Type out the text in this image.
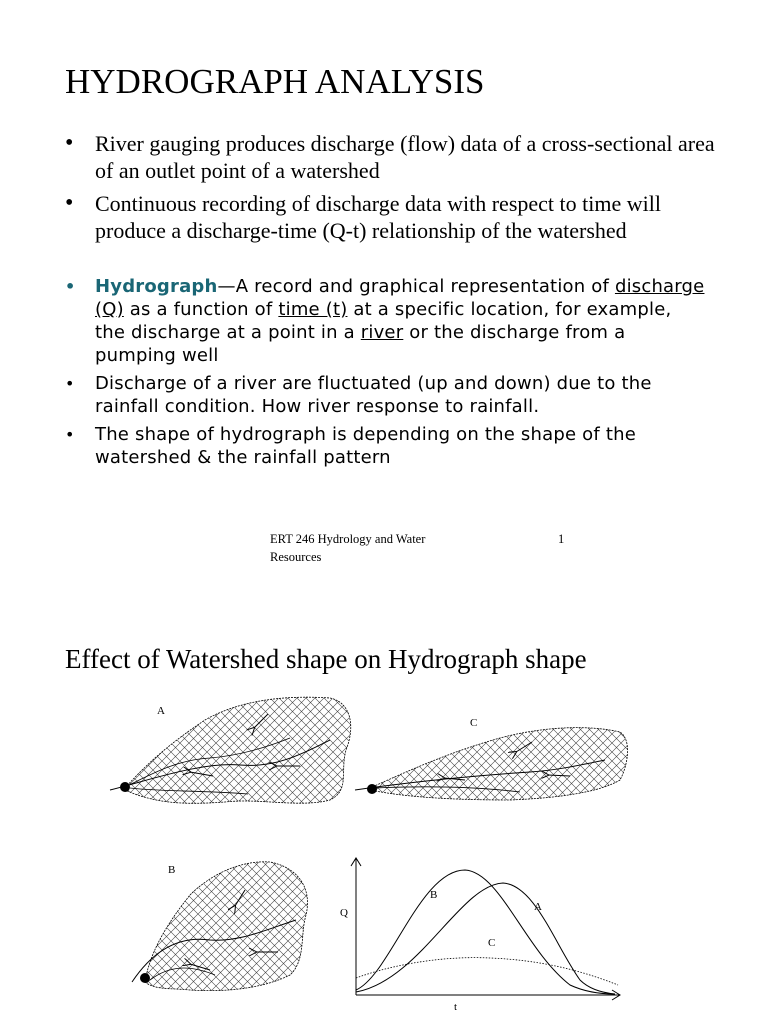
HYDROGRAPH ANALYSIS
• River gauging produces discharge (flow) data of a cross-sectional area of an outlet point of a watershed
• Continuous recording of discharge data with respect to time will produce a discharge-time (Q-t) relationship of the watershed
• Hydrograph—A record and graphical representation of discharge (Q) as a function of time (t) at a specific location, for example, the discharge at a point in a river or the discharge from a pumping well
• Discharge of a river are fluctuated (up and down) due to the rainfall condition. How river response to rainfall.
• The shape of hydrograph is depending on the shape of the watershed & the rainfall pattern
ERT 246 Hydrology and Water Resources
1
Effect of Watershed shape on Hydrograph shape
A
C
B
Q
t
B
A
C
